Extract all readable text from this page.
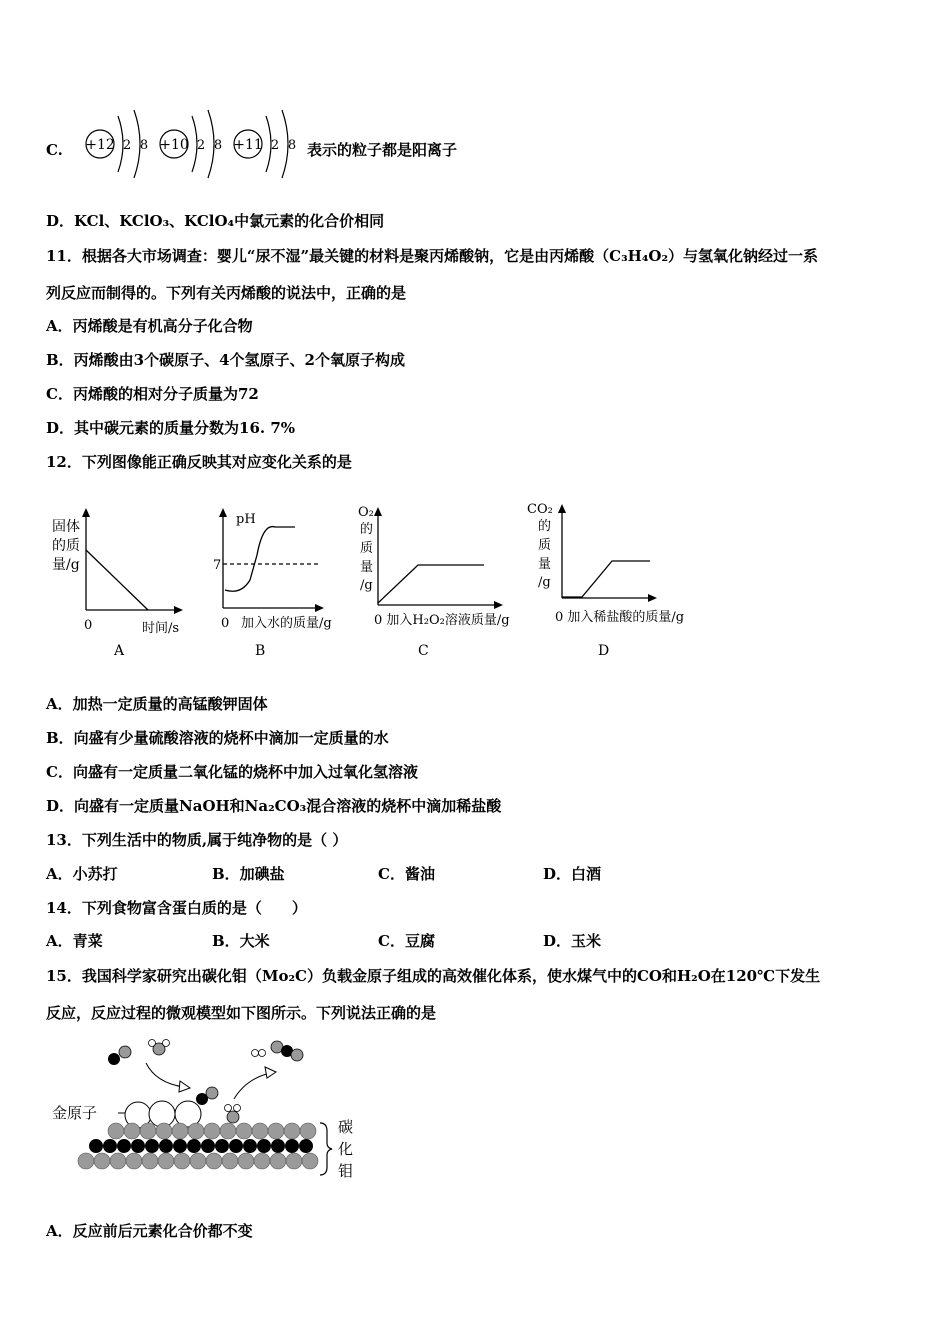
C. +12 2 8 +10 2 8 +11 2 8 表示的粒子都是阳离子
D．KCl、KClO₃、KClO₄中氯元素的化合价相同
11．根据各大市场调查：婴儿“尿不湿”最关键的材料是聚丙烯酸钠，它是由丙烯酸（C₃H₄O₂）与氢氧化钠经过一系
列反应而制得的。下列有关丙烯酸的说法中，正确的是
A．丙烯酸是有机高分子化合物
B．丙烯酸由3个碳原子、4个氢原子、2个氧原子构成
C．丙烯酸的相对分子质量为72
D．其中碳元素的质量分数为16. 7%
12．下列图像能正确反映其对应变化关系的是
固体
的质
量/g
0	时间/s
A
pH
7
0 加入水的质量/g
B
O₂
的
质
量
/g
0 加入H₂O₂溶液质量/g
C
CO₂
的
质
量
/g
0 加入稀盐酸的质量/g
D
A．加热一定质量的高锰酸钾固体
B．向盛有少量硫酸溶液的烧杯中滴加一定质量的水
C．向盛有一定质量二氧化锰的烧杯中加入过氧化氢溶液
D．向盛有一定质量NaOH和Na₂CO₃混合溶液的烧杯中滴加稀盐酸
13．下列生活中的物质,属于纯净物的是（ ）
A．小苏打	B．加碘盐	C．酱油	D．白酒
14．下列食物富含蛋白质的是（　　）
A．青菜	B．大米	C．豆腐	D．玉米
15．我国科学家研究出碳化钼（Mo₂C）负载金原子组成的高效催化体系，使水煤气中的CO和H₂O在120℃下发生
反应，反应过程的微观模型如下图所示。下列说法正确的是
金原子
碳
化
钼
A．反应前后元素化合价都不变
